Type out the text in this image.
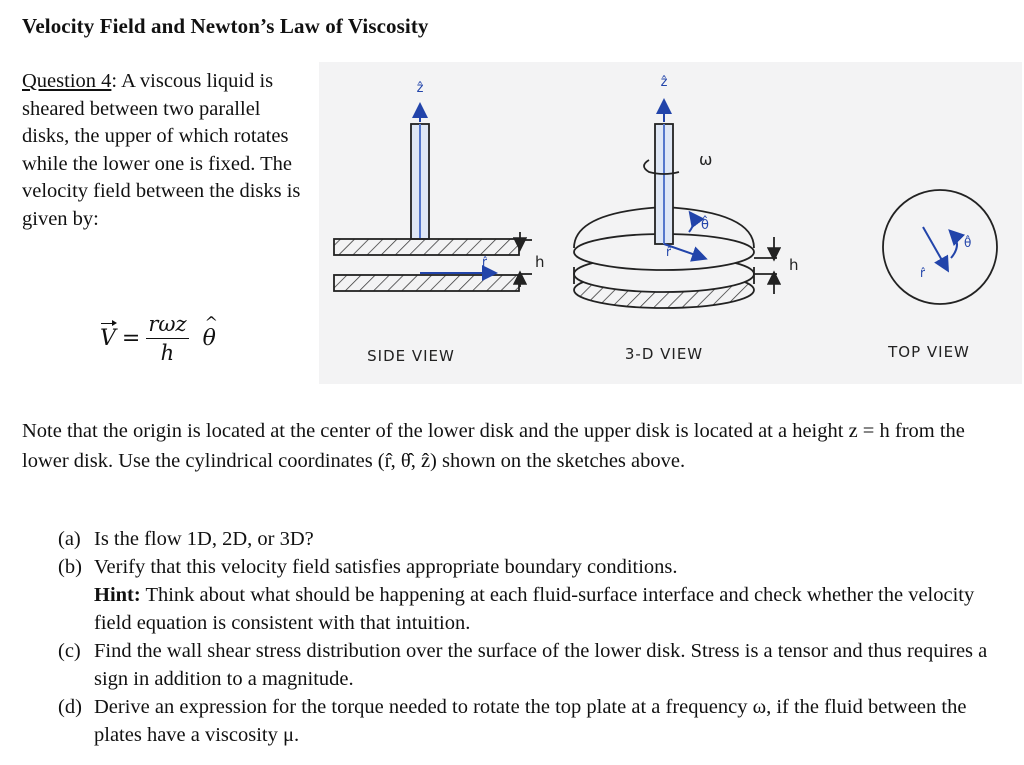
Velocity Field and Newton’s Law of Viscosity
Question 4: A viscous liquid is sheared between two parallel disks, the upper of which rotates while the lower one is fixed. The velocity field between the disks is given by:
$V = \frac{\text{rωz}}{h}$
^ θ
ẑ
r̂	h
ẑ
ω
θ̂
r̂
h
θ̂
r̂
SIDE VIEW	3-D VIEW	TOP VIEW
Note that the origin is located at the center of the lower disk and the upper disk is located at a height z = h from the lower disk. Use the cylindrical coordinates (r̂, θ̂, ẑ) shown on the sketches above.
(a) Is the flow 1D, 2D, or 3D?
(b) Verify that this velocity field satisfies appropriate boundary conditions.
Hint: Think about what should be happening at each fluid-surface interface and check whether the velocity field equation is consistent with that intuition.
(c) Find the wall shear stress distribution over the surface of the lower disk. Stress is a tensor and thus requires a sign in addition to a magnitude.
(d) Derive an expression for the torque needed to rotate the top plate at a frequency ω, if the fluid between the plates have a viscosity μ.
